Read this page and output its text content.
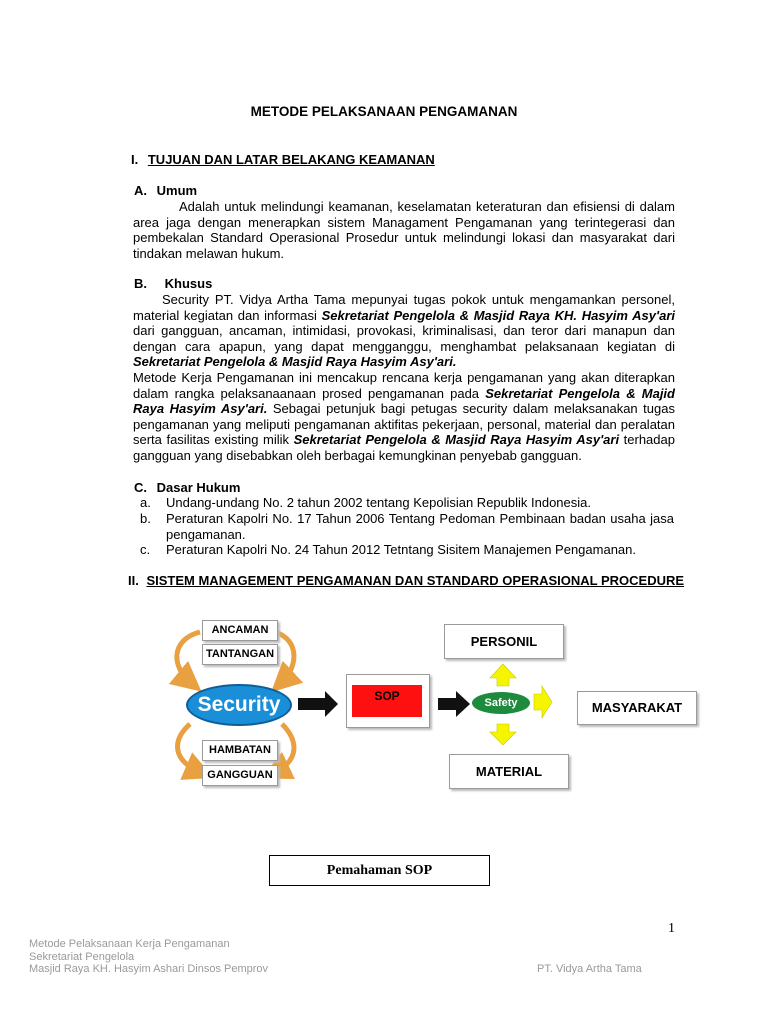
METODE PELAKSANAAN PENGAMANAN
I. TUJUAN DAN LATAR BELAKANG KEAMANAN
A. Umum
Adalah untuk melindungi keamanan, keselamatan keteraturan dan efisiensi di dalam area jaga dengan menerapkan sistem Managament Pengamanan yang terintegerasi dan pembekalan Standard Operasional Prosedur untuk melindungi lokasi dan masyarakat dari tindakan melawan hukum.
B. Khusus
Security PT. Vidya Artha Tama mepunyai tugas pokok untuk mengamankan personel, material kegiatan dan informasi Sekretariat Pengelola & Masjid Raya KH. Hasyim Asy'ari dari gangguan, ancaman, intimidasi, provokasi, kriminalisasi, dan teror dari manapun dan dengan cara apapun, yang dapat mengganggu, menghambat pelaksanaan kegiatan di Sekretariat Pengelola & Masjid Raya Hasyim Asy'ari.
Metode Kerja Pengamanan ini mencakup rencana kerja pengamanan yang akan diterapkan dalam rangka pelaksanaanaan prosed pengamanan pada Sekretariat Pengelola & Majid Raya Hasyim Asy'ari. Sebagai petunjuk bagi petugas security dalam melaksanakan tugas pengamanan yang meliputi pengamanan aktifitas pekerjaan, personal, material dan peralatan serta fasilitas existing milik Sekretariat Pengelola & Masjid Raya Hasyim Asy'ari terhadap gangguan yang disebabkan oleh berbagai kemungkinan penyebab gangguan.
C. Dasar Hukum
a. Undang-undang No. 2 tahun 2002 tentang Kepolisian Republik Indonesia.
b. Peraturan Kapolri No. 17 Tahun 2006 Tentang Pedoman Pembinaan badan usaha jasa pengamanan.
c. Peraturan Kapolri No. 24 Tahun 2012 Tetntang Sisitem Manajemen Pengamanan.
II. SISTEM MANAGEMENT PENGAMANAN DAN STANDARD OPERASIONAL PROCEDURE
ANCAMAN
TANTANGAN
Security
HAMBATAN
GANGGUAN
SOP	Safety
PERSONIL
MATERIAL
MASYARAKAT
Pemahaman SOP
1
Metode Pelaksanaan Kerja Pengamanan
Sekretariat Pengelola
Masjid Raya KH. Hasyim Ashari Dinsos Pemprov	PT. Vidya Artha Tama
